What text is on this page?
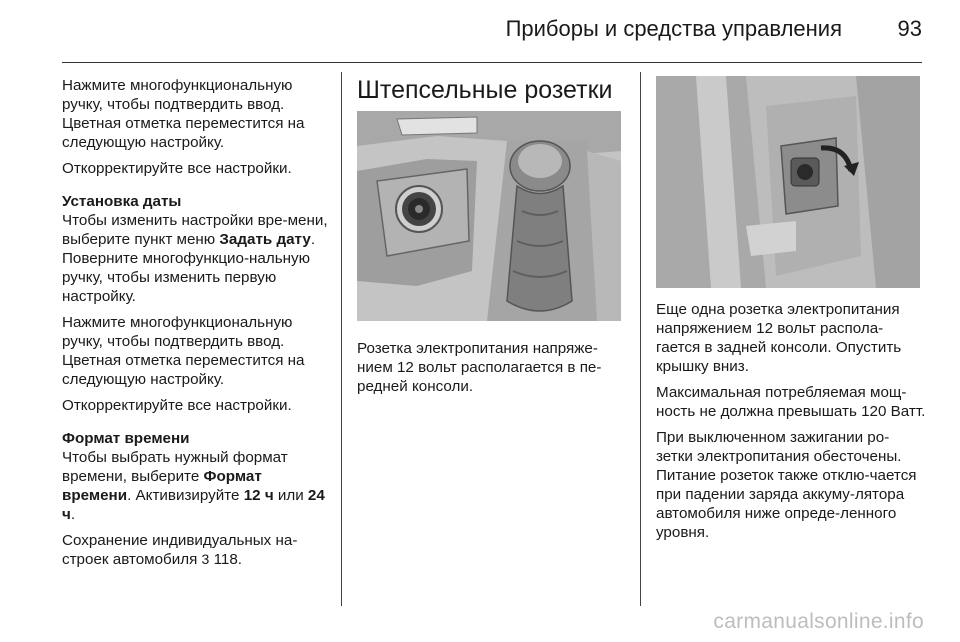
Приборы и средства управления	93

Нажмите многофункциональную ручку, чтобы подтвердить ввод. Цветная отметка переместится на следующую настройку.

Откорректируйте все настройки.

Установка даты

Чтобы изменить настройки вре-мени, выберите пункт меню Задать дату. Поверните многофункцио-нальную ручку, чтобы изменить первую настройку.

Нажмите многофункциональную ручку, чтобы подтвердить ввод. Цветная отметка переместится на следующую настройку.

Откорректируйте все настройки.

Формат времени

Чтобы выбрать нужный формат времени, выберите Формат времени. Активизируйте 12 ч или 24 ч.

Сохранение индивидуальных на-строек автомобиля 3 118.

Штепсельные розетки

Розетка электропитания напряже-нием 12 вольт располагается в пе-редней консоли.

Еще одна розетка электропитания напряжением 12 вольт распола-гается в задней консоли. Опустить крышку вниз.

Максимальная потребляемая мощ-ность не должна превышать 120 Ватт.

При выключенном зажигании ро-зетки электропитания обесточены. Питание розеток также отклю-чается при падении заряда аккуму-лятора автомобиля ниже опреде-ленного уровня.

carmanualsonline.info
